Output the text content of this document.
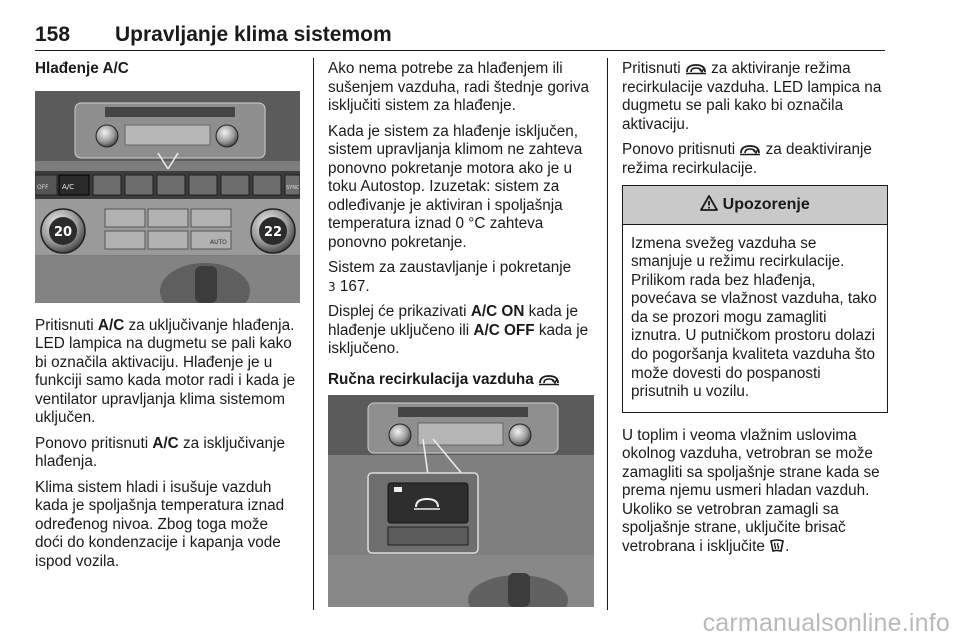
158 Upravljanje klima sistemom
Hlađenje A/C
A/C
OFF	SYNC
AUTO
20	22

Pritisnuti A/C za uključivanje hlađenja. LED lampica na dugmetu se pali kako bi označila aktivaciju. Hlađenje je u funkciji samo kada motor radi i kada je ventilator upravljanja klima sistemom uključen.

Ponovo pritisnuti A/C za isključivanje hlađenja.

Klima sistem hladi i isušuje vazduh kada je spoljašnja temperatura iznad određenog nivoa. Zbog toga može doći do kondenzacije i kapanja vode ispod vozila.

Ako nema potrebe za hlađenjem ili sušenjem vazduha, radi štednje goriva isključiti sistem za hlađenje.

Kada je sistem za hlađenje isključen, sistem upravljanja klimom ne zahteva ponovno pokretanje motora ako je u toku Autostop. Izuzetak: sistem za odleđivanje je aktiviran i spoljašnja temperatura iznad 0 °C zahteva ponovno pokretanje.

Sistem za zaustavljanje i pokretanje
3 167.

Displej će prikazivati A/C ON kada je hlađenje uključeno ili A/C OFF kada je isključeno.

Ručna recirkulacija vazduha

Pritisnuti  za aktiviranje režima recirkulacije vazduha. LED lampica na dugmetu se pali kako bi označila aktivaciju.

Ponovo pritisnuti  za deaktiviranje režima recirkulacije.

Upozorenje
Izmena svežeg vazduha se smanjuje u režimu recirkulacije. Prilikom rada bez hlađenja, povećava se vlažnost vazduha, tako da se prozori mogu zamagliti iznutra. U putničkom prostoru dolazi do pogoršanja kvaliteta vazduha što može dovesti do pospanosti prisutnih u vozilu.

U toplim i veoma vlažnim uslovima okolnog vazduha, vetrobran se može zamagliti sa spoljašnje strane kada se prema njemu usmeri hladan vazduh. Ukoliko se vetrobran zamagli sa spoljašnje strane, uključite brisač vetrobrana i isključite .

carmanualsonline.info
